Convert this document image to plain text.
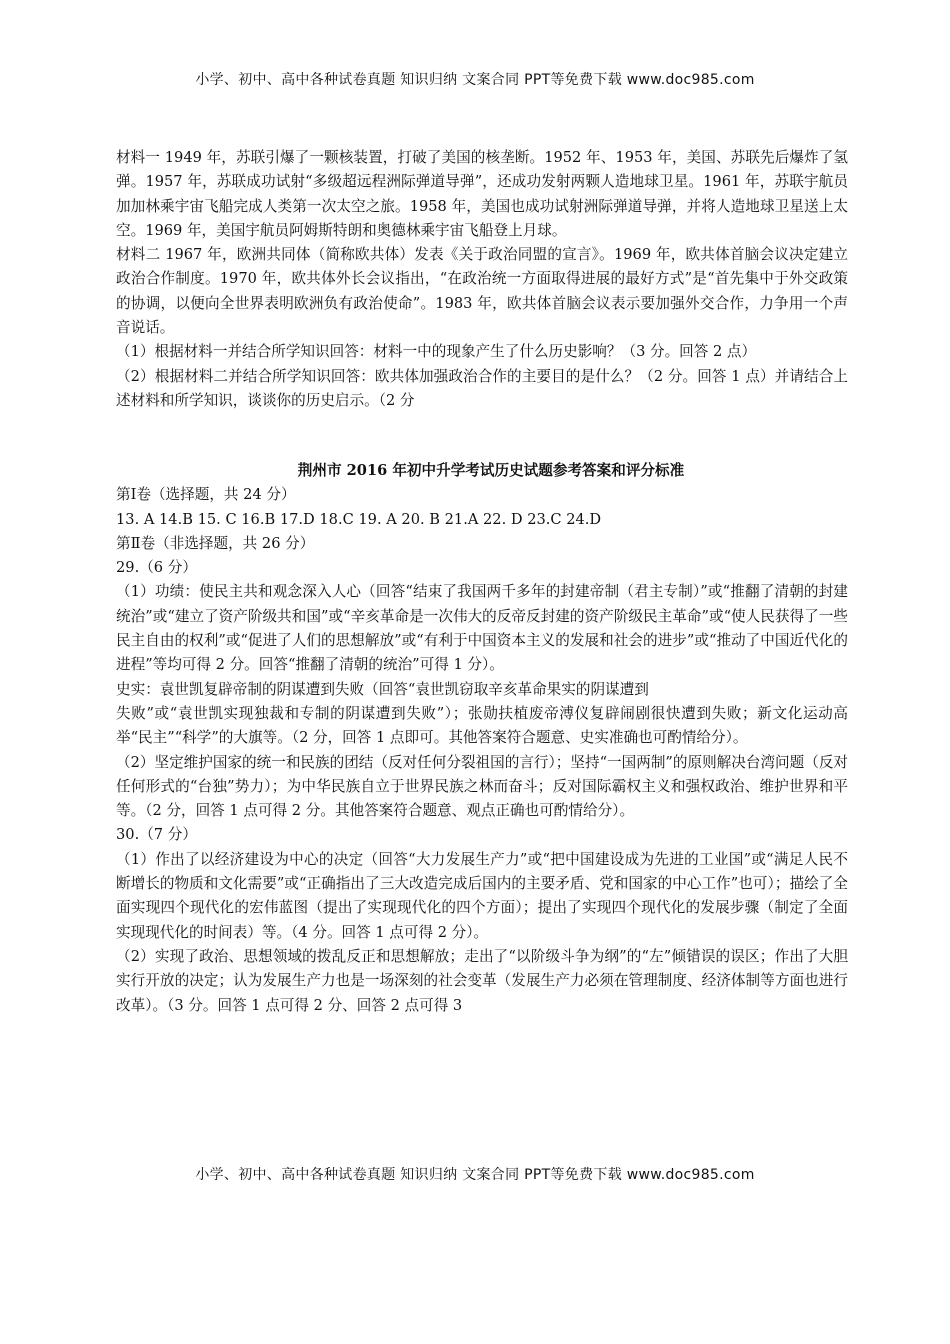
小学、初中、高中各种试卷真题 知识归纳 文案合同 PPT等免费下载 www.doc985.com

材料一 1949 年，苏联引爆了一颗核装置，打破了美国的核垄断。1952 年、1953 年，美国、苏联先后爆炸了氢弹。1957 年，苏联成功试射“多级超远程洲际弹道导弹”，还成功发射两颗人造地球卫星。1961 年，苏联宇航员加加林乘宇宙飞船完成人类第一次太空之旅。1958 年，美国也成功试射洲际弹道导弹，并将人造地球卫星送上太空。1969 年，美国宇航员阿姆斯特朗和奥德林乘宇宙飞船登上月球。

材料二 1967 年，欧洲共同体（简称欧共体）发表《关于政治同盟的宣言》。1969 年，欧共体首脑会议决定建立政治合作制度。1970 年，欧共体外长会议指出，“在政治统一方面取得进展的最好方式”是“首先集中于外交政策的协调，以便向全世界表明欧洲负有政治使命”。1983 年，欧共体首脑会议表示要加强外交合作，力争用一个声音说话。

（1）根据材料一并结合所学知识回答：材料一中的现象产生了什么历史影响？（3 分。回答 2 点）

（2）根据材料二并结合所学知识回答：欧共体加强政治合作的主要目的是什么？（2 分。回答 1 点）并请结合上述材料和所学知识，谈谈你的历史启示。（2 分

荆州市 2016 年初中升学考试历史试题参考答案和评分标准

第Ⅰ卷（选择题，共 24 分）

13. A 14.B 15. C 16.B 17.D 18.C 19. A 20. B 21.A 22. D 23.C 24.D

第Ⅱ卷（非选择题，共 26 分）

29.（6 分）

（1）功绩：使民主共和观念深入人心（回答“结束了我国两千多年的封建帝制（君主专制）”或“推翻了清朝的封建统治”或“建立了资产阶级共和国”或“辛亥革命是一次伟大的反帝反封建的资产阶级民主革命”或“使人民获得了一些民主自由的权利”或“促进了人们的思想解放”或“有利于中国资本主义的发展和社会的进步”或“推动了中国近代化的进程”等均可得 2 分。回答“推翻了清朝的统治”可得 1 分）。

史实：袁世凯复辟帝制的阴谋遭到失败（回答“袁世凯窃取辛亥革命果实的阴谋遭到

失败”或“袁世凯实现独裁和专制的阴谋遭到失败”）；张勋扶植废帝溥仪复辟闹剧很快遭到失败；新文化运动高举“民主”“科学”的大旗等。（2 分，回答 1 点即可。其他答案符合题意、史实准确也可酌情给分）。

（2）坚定维护国家的统一和民族的团结（反对任何分裂祖国的言行）；坚持“一国两制”的原则解决台湾问题（反对任何形式的“台独”势力）；为中华民族自立于世界民族之林而奋斗；反对国际霸权主义和强权政治、维护世界和平等。（2 分，回答 1 点可得 2 分。其他答案符合题意、观点正确也可酌情给分）。

30.（7 分）

（1）作出了以经济建设为中心的决定（回答“大力发展生产力”或“把中国建设成为先进的工业国”或“满足人民不断增长的物质和文化需要”或“正确指出了三大改造完成后国内的主要矛盾、党和国家的中心工作”也可）；描绘了全面实现四个现代化的宏伟蓝图（提出了实现现代化的四个方面）；提出了实现四个现代化的发展步骤（制定了全面实现现代化的时间表）等。（4 分。回答 1 点可得 2 分）。

（2）实现了政治、思想领域的拨乱反正和思想解放；走出了“以阶级斗争为纲”的“左”倾错误的误区；作出了大胆实行开放的决定；认为发展生产力也是一场深刻的社会变革（发展生产力必须在管理制度、经济体制等方面也进行改革）。（3 分。回答 1 点可得 2 分、回答 2 点可得 3

小学、初中、高中各种试卷真题 知识归纳 文案合同 PPT等免费下载 www.doc985.com
